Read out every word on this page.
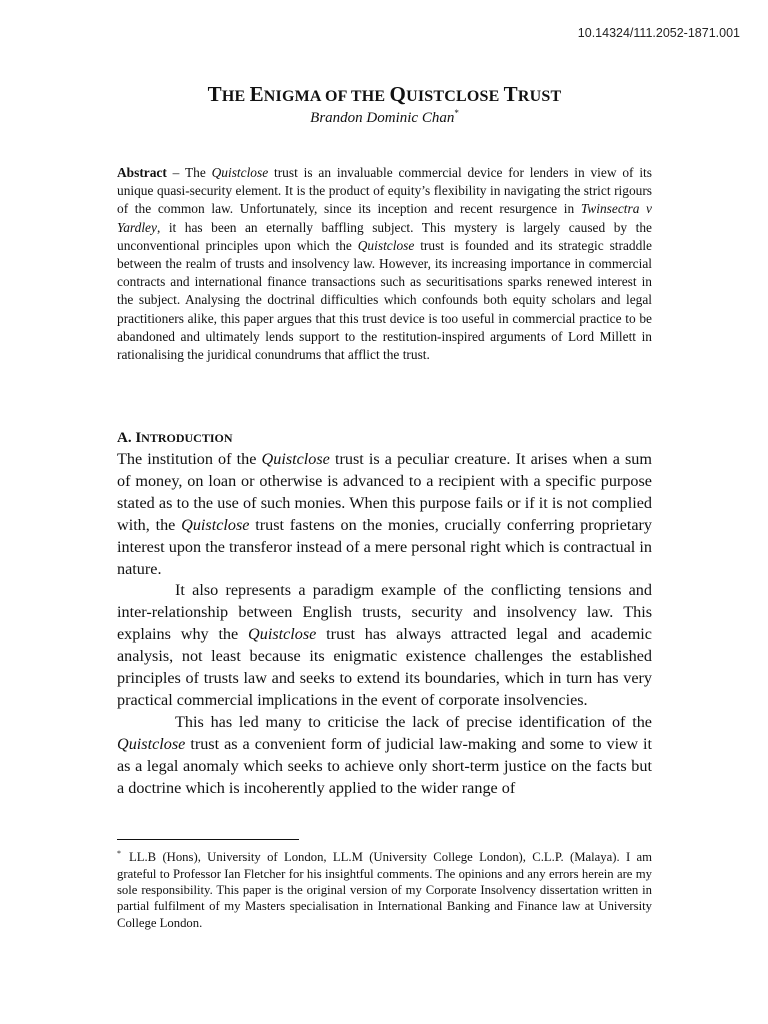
10.14324/111.2052-1871.001
THE ENIGMA OF THE QUISTCLOSE TRUST
Brandon Dominic Chan*
Abstract – The Quistclose trust is an invaluable commercial device for lenders in view of its unique quasi-security element. It is the product of equity’s flexibility in navigating the strict rigours of the common law. Unfortunately, since its inception and recent resurgence in Twinsectra v Yardley, it has been an eternally baffling subject. This mystery is largely caused by the unconventional principles upon which the Quistclose trust is founded and its strategic straddle between the realm of trusts and insolvency law. However, its increasing importance in commercial contracts and international finance transactions such as securitisations sparks renewed interest in the subject. Analysing the doctrinal difficulties which confounds both equity scholars and legal practitioners alike, this paper argues that this trust device is too useful in commercial practice to be abandoned and ultimately lends support to the restitution-inspired arguments of Lord Millett in rationalising the juridical conundrums that afflict the trust.
A. INTRODUCTION

The institution of the Quistclose trust is a peculiar creature. It arises when a sum of money, on loan or otherwise is advanced to a recipient with a specific purpose stated as to the use of such monies. When this purpose fails or if it is not complied with, the Quistclose trust fastens on the monies, crucially conferring proprietary interest upon the transferor instead of a mere personal right which is contractual in nature.

It also represents a paradigm example of the conflicting tensions and inter-relationship between English trusts, security and insolvency law. This explains why the Quistclose trust has always attracted legal and academic analysis, not least because its enigmatic existence challenges the established principles of trusts law and seeks to extend its boundaries, which in turn has very practical commercial implications in the event of corporate insolvencies.

This has led many to criticise the lack of precise identification of the Quistclose trust as a convenient form of judicial law-making and some to view it as a legal anomaly which seeks to achieve only short-term justice on the facts but a doctrine which is incoherently applied to the wider range of

* LL.B (Hons), University of London, LL.M (University College London), C.L.P. (Malaya). I am grateful to Professor Ian Fletcher for his insightful comments. The opinions and any errors herein are my sole responsibility. This paper is the original version of my Corporate Insolvency dissertation written in partial fulfilment of my Masters specialisation in International Banking and Finance law at University College London.
